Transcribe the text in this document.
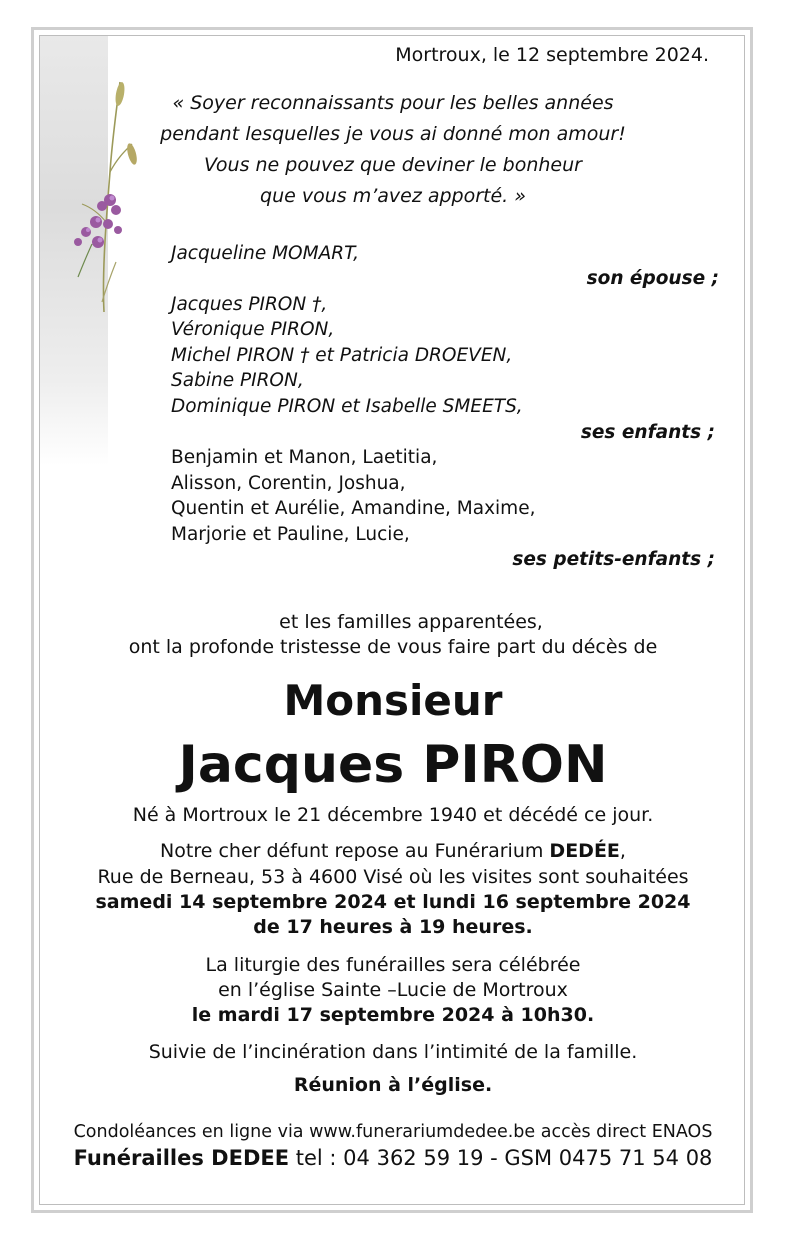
Mortroux, le 12 septembre 2024.
« Soyer reconnaissants pour les belles années
pendant lesquelles je vous ai donné mon amour!
Vous ne pouvez que deviner le bonheur
que vous m’avez apporté. »
Jacqueline MOMART,
son épouse ;
Jacques PIRON †,
Véronique PIRON,
Michel PIRON † et Patricia DROEVEN,
Sabine PIRON,
Dominique PIRON et Isabelle SMEETS,
ses enfants ;
Benjamin et Manon, Laetitia,
Alisson, Corentin, Joshua,
Quentin et Aurélie, Amandine, Maxime,
Marjorie et Pauline, Lucie,
ses petits-enfants ;
et les familles apparentées,
ont la profonde tristesse de vous faire part du décès de
Monsieur
Jacques PIRON
Né à Mortroux le 21 décembre 1940 et décédé ce jour.
Notre cher défunt repose au Funérarium DEDÉE,
Rue de Berneau, 53 à 4600 Visé où les visites sont souhaitées
samedi 14 septembre 2024 et lundi 16 septembre 2024
de 17 heures à 19 heures.
La liturgie des funérailles sera célébrée
en l’église Sainte –Lucie de Mortroux
le mardi 17 septembre 2024 à 10h30.
Suivie de l’incinération dans l’intimité de la famille.
Réunion à l’église.
Condoléances en ligne via www.funerariumdedee.be accès direct ENAOS
Funérailles DEDEE tel : 04 362 59 19 - GSM 0475 71 54 08
